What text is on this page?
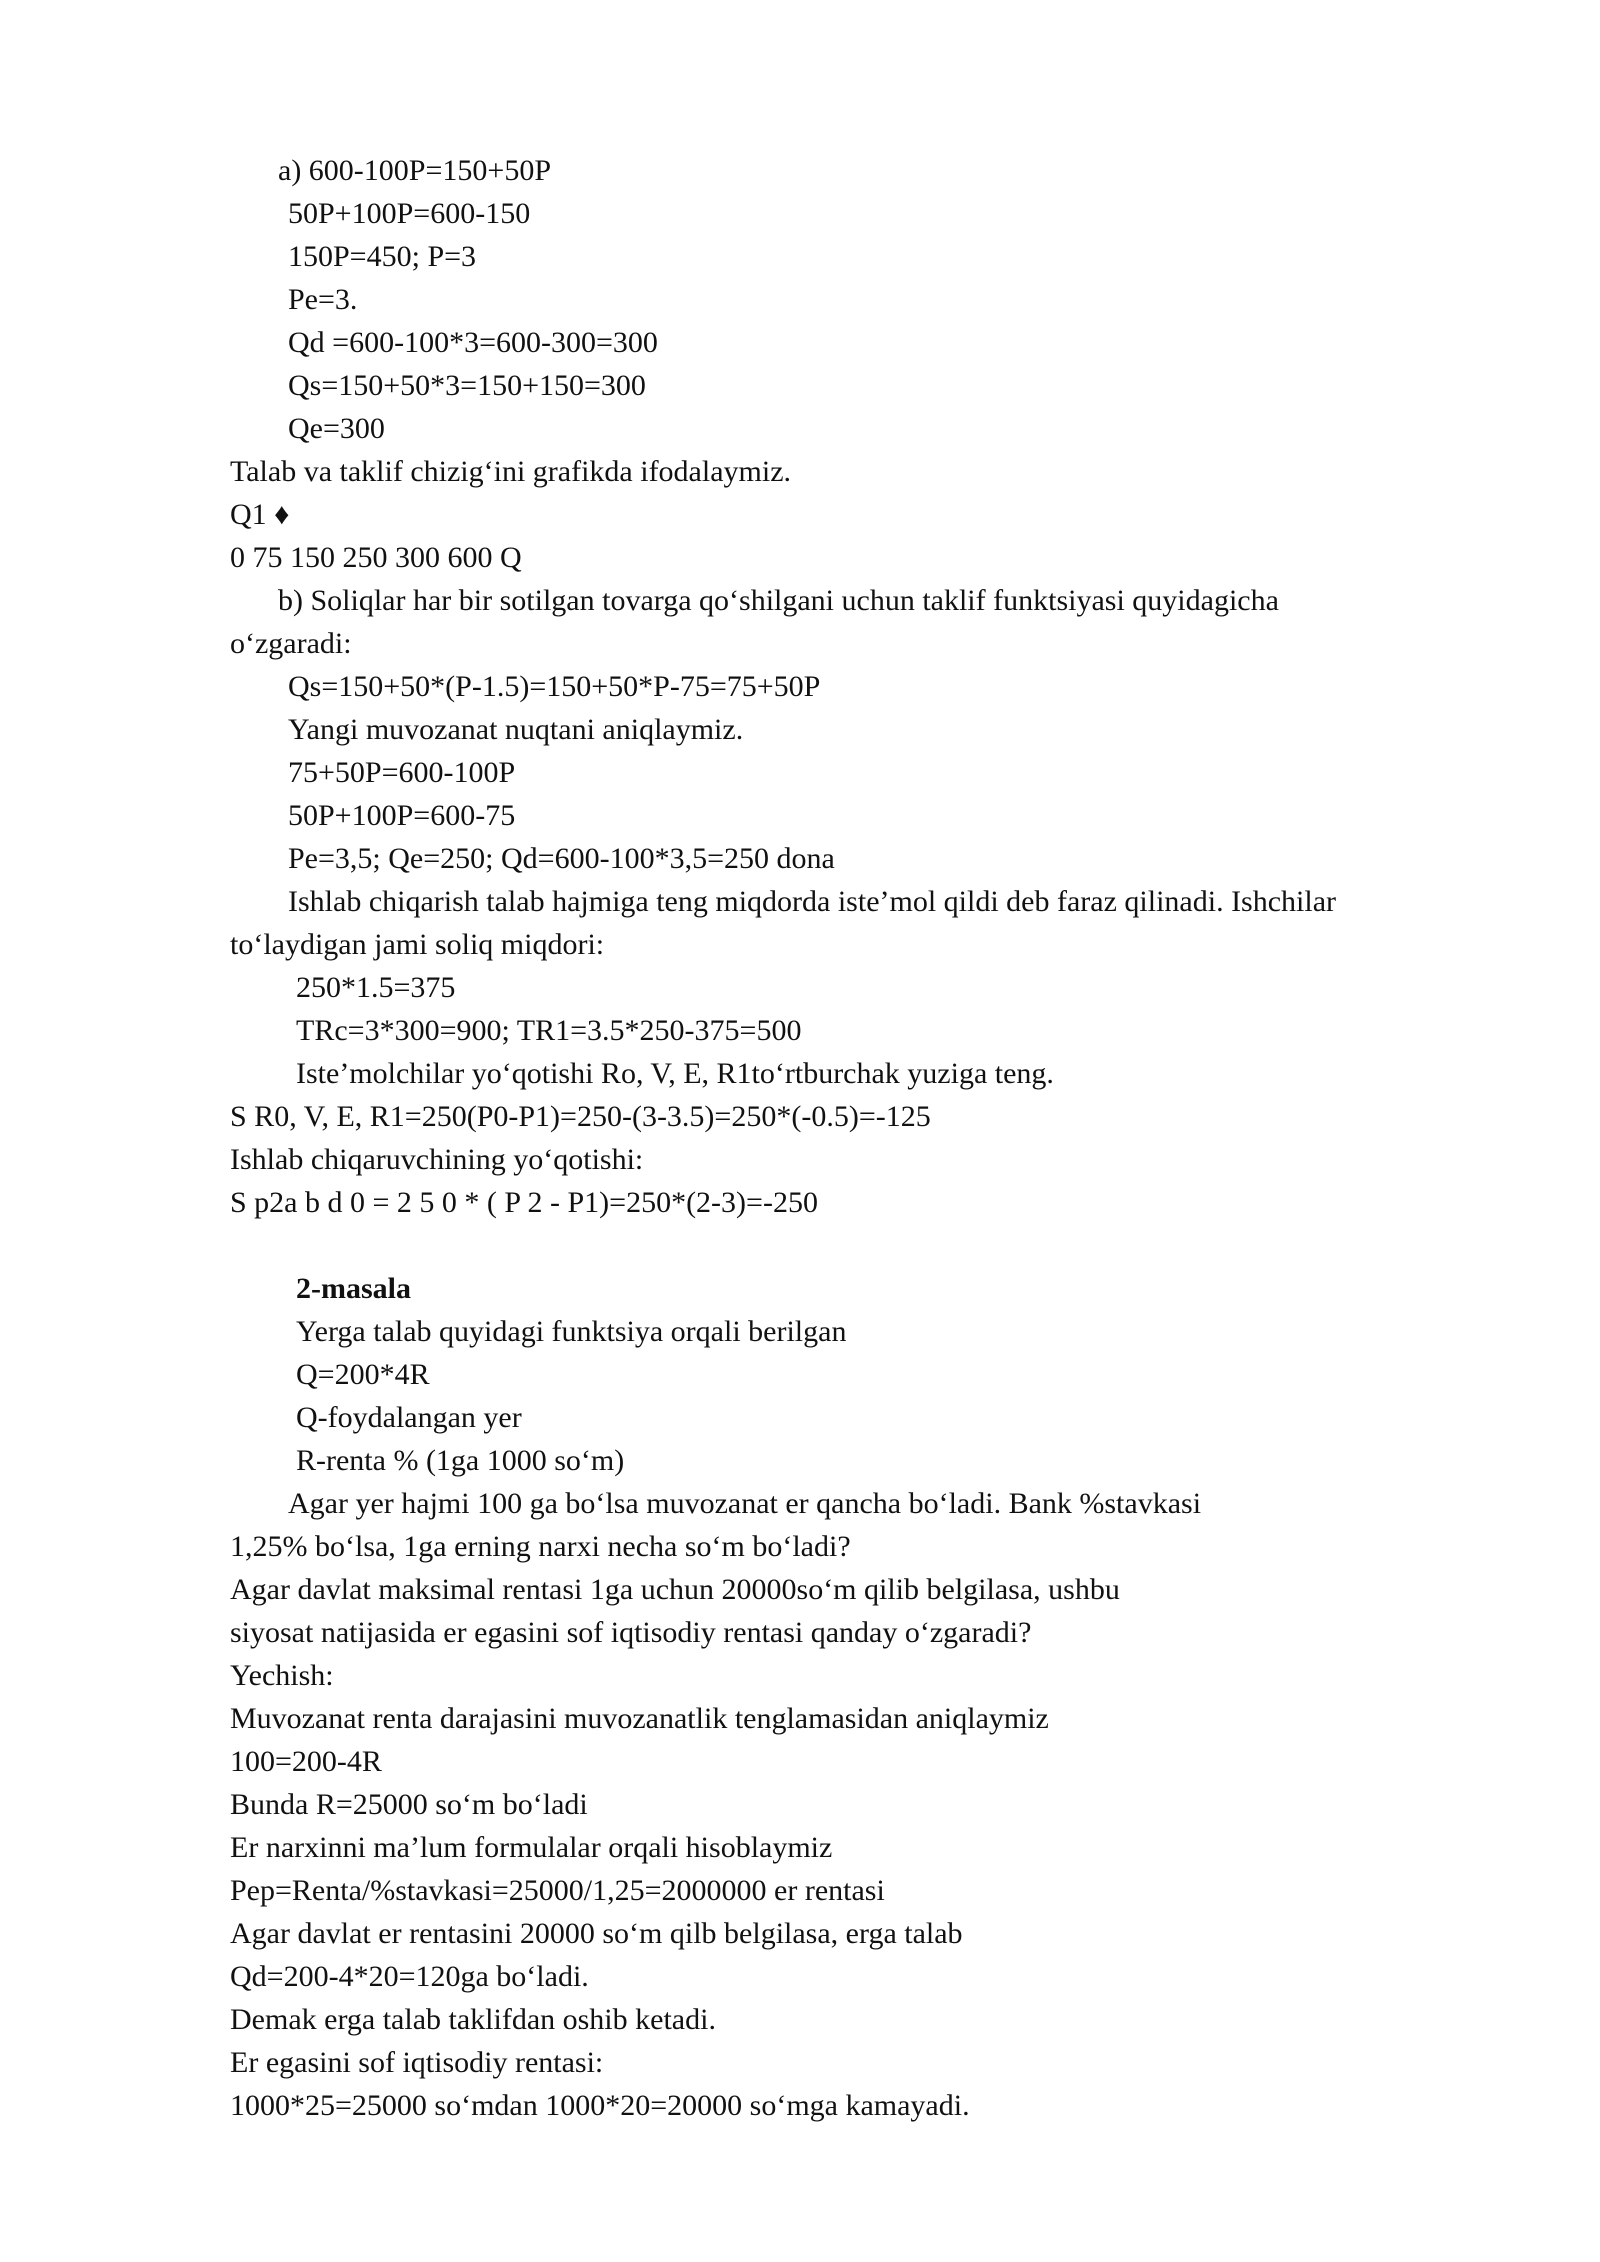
a) 600-100P=150+50P
50P+100P=600-150
150P=450; P=3
Pe=3.
Qd =600-100*3=600-300=300
Qs=150+50*3=150+150=300
Qe=300
Talab va taklif chizig‘ini grafikda ifodalaymiz.
Q1 ♦
0 75 150 250 300 600 Q
b) Soliqlar har bir sotilgan tovarga qo‘shilgani uchun taklif funktsiyasi quyidagicha
o‘zgaradi:
Qs=150+50*(P-1.5)=150+50*P-75=75+50P
Yangi muvozanat nuqtani aniqlaymiz.
75+50P=600-100P
50P+100P=600-75
Pe=3,5; Qe=250; Qd=600-100*3,5=250 dona
Ishlab chiqarish talab hajmiga teng miqdorda iste’mol qildi deb faraz qilinadi. Ishchilar
to‘laydigan jami soliq miqdori:
250*1.5=375
TRc=3*300=900; TR1=3.5*250-375=500
Iste’molchilar yo‘qotishi Ro, V, E, R1to‘rtburchak yuziga teng.
S R0, V, E, R1=250(P0-P1)=250-(3-3.5)=250*(-0.5)=-125
Ishlab chiqaruvchining yo‘qotishi:
S p2a b d 0 = 2 5 0 * ( P 2 - P1)=250*(2-3)=-250
2-masala
Yerga talab quyidagi funktsiya orqali berilgan
Q=200*4R
Q-foydalangan yer
R-renta % (1ga 1000 so‘m)
Agar yer hajmi 100 ga bo‘lsa muvozanat er qancha bo‘ladi. Bank %stavkasi
1,25% bo‘lsa, 1ga erning narxi necha so‘m bo‘ladi?
Agar davlat maksimal rentasi 1ga uchun 20000so‘m qilib belgilasa, ushbu
siyosat natijasida er egasini sof iqtisodiy rentasi qanday o‘zgaradi?
Yechish:
Muvozanat renta darajasini muvozanatlik tenglamasidan aniqlaymiz
100=200-4R
Bunda R=25000 so‘m bo‘ladi
Er narxinni ma’lum formulalar orqali hisoblaymiz
Pep=Renta/%stavkasi=25000/1,25=2000000 er rentasi
Agar davlat er rentasini 20000 so‘m qilb belgilasa, erga talab
Qd=200-4*20=120ga bo‘ladi.
Demak erga talab taklifdan oshib ketadi.
Er egasini sof iqtisodiy rentasi:
1000*25=25000 so‘mdan 1000*20=20000 so‘mga kamayadi.
